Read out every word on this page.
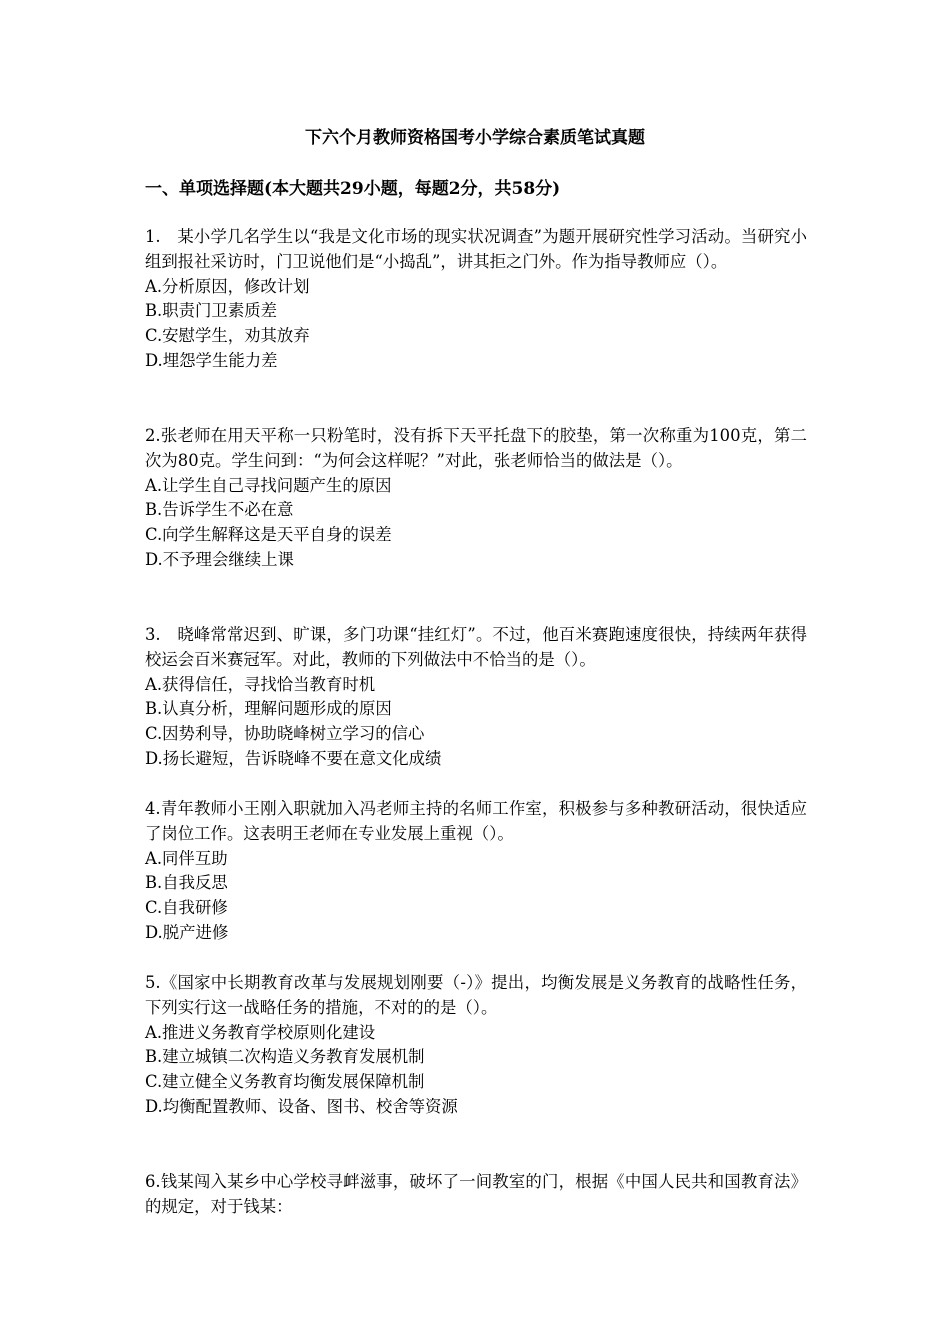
下六个月教师资格国考小学综合素质笔试真题
一、单项选择题(本大题共29小题，每题2分，共58分)

1.　某小学几名学生以“我是文化市场的现实状况调查”为题开展研究性学习活动。当研究小组到报社采访时，门卫说他们是“小捣乱”，讲其拒之门外。作为指导教师应（）。

A.分析原因，修改计划

B.职责门卫素质差

C.安慰学生，劝其放弃

D.埋怨学生能力差

2.张老师在用天平称一只粉笔时，没有拆下天平托盘下的胶垫，第一次称重为100克，第二次为80克。学生问到：“为何会这样呢？”对此，张老师恰当的做法是（）。

A.让学生自己寻找问题产生的原因

B.告诉学生不必在意

C.向学生解释这是天平自身的误差

D.不予理会继续上课

3.　晓峰常常迟到、旷课，多门功课“挂红灯”。不过，他百米赛跑速度很快，持续两年获得校运会百米赛冠军。对此，教师的下列做法中不恰当的是（）。

A.获得信任，寻找恰当教育时机

B.认真分析，理解问题形成的原因

C.因势利导，协助晓峰树立学习的信心

D.扬长避短，告诉晓峰不要在意文化成绩

4.青年教师小王刚入职就加入冯老师主持的名师工作室，积极参与多种教研活动，很快适应了岗位工作。这表明王老师在专业发展上重视（）。

A.同伴互助

B.自我反思

C.自我研修

D.脱产进修

5.《国家中长期教育改革与发展规划刚要（-）》提出，均衡发展是义务教育的战略性任务，下列实行这一战略任务的措施，不对的的是（）。

A.推进义务教育学校原则化建设

B.建立城镇二次构造义务教育发展机制

C.建立健全义务教育均衡发展保障机制

D.均衡配置教师、设备、图书、校舍等资源

6.钱某闯入某乡中心学校寻衅滋事，破坏了一间教室的门，根据《中国人民共和国教育法》的规定，对于钱某：
